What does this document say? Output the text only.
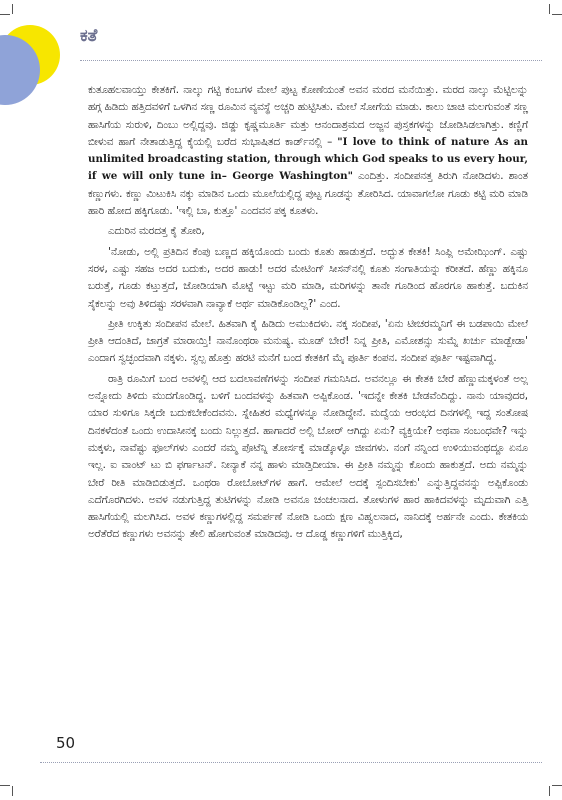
ಕತೆ

ಕುತೂಹಲವಾಯ್ತು ಕೇತಕಿಗೆ. ನಾಲ್ಕು ಗಟ್ಟಿ ಕಂಬಗಳ ಮೇಲೆ ಪುಟ್ಟ ಕೋಣೆಯಂತೆ ಅವನ ಮರದ ಮನೆಯಿತ್ತು. ಮರದ ನಾಲ್ಕು ಮೆಟ್ಟಿಲನ್ನು ಹಗ್ಗ ಹಿಡಿದು ಹತ್ತಿದವಳಿಗೆ ಒಳಗಿನ ಸಣ್ಣ ರೂಮಿನ ವ್ಯವಸ್ಥೆ ಅಚ್ಚರಿ ಹುಟ್ಟಿಸಿತು. ಮೇಲೆ ಸೋಗೆಯ ಮಾಡು. ಕಾಲು ಚಾಚಿ ಮಲಗುವಂತೆ ಸಣ್ಣ ಹಾಸಿಗೆಯ ಸುರುಳಿ, ದಿಂಬು ಅಲ್ಲಿದ್ದವು. ಜಿಡ್ಡು ಕೃಷ್ಣಮೂರ್ತಿ ಮತ್ತು ಆನಂದಾಶ್ರಮದ ಅಜ್ಜನ ಪುಸ್ತಕಗಳನ್ನು ಜೋಡಿಸಿಡಲಾಗಿತ್ತು. ಕಣ್ಣಿಗೆ ಬೀಳುವ ಹಾಗೆ ನೇತಾಡುತ್ತಿದ್ದ ಕೈಯಲ್ಲಿ ಬರೆದ ಸುಭಾಷಿತದ ಕಾರ್ಡ್‌ನಲ್ಲಿ – "I love to think of nature As an unlimited broadcasting station, through which God speaks to us every hour, if we will only tune in– George Washington" ಎಂದಿತ್ತು. ಸಂದೀಪನತ್ತ ತಿರುಗಿ ನೋಡಿದಳು. ಶಾಂತ ಕಣ್ಣುಗಳು. ಕಣ್ಣು ಮಿಟುಕಿಸಿ ನಕ್ಕು ಮಾಡಿನ ಒಂದು ಮೂಲೆಯಲ್ಲಿದ್ದ ಪುಟ್ಟ ಗೂಡನ್ನು ತೋರಿಸಿದ. ಯಾವಾಗಲೋ ಗೂಡು ಕಟ್ಟಿ ಮರಿ ಮಾಡಿ ಹಾರಿ ಹೋದ ಹಕ್ಕಿಗೂಡು. 'ಇಲ್ಲಿ ಬಾ, ಕುತ್ತೂ' ಎಂದವನ ಪಕ್ಕ ಕೂತಳು.

ಎದುರಿನ ಮರದತ್ತ ಕೈ ತೋರಿ,

'ನೋಡು, ಅಲ್ಲಿ ಪ್ರತಿದಿನ ಕೆಂಪು ಬಣ್ಣದ ಹಕ್ಕಿಯೊಂದು ಬಂದು ಕೂತು ಹಾಡುತ್ತದೆ. ಅದ್ಭುತ ಕೇತಕಿ! ಸಿಂಪ್ಲಿ ಅಮೇಝಿಂಗ್. ಎಷ್ಟು ಸರಳ, ಎಷ್ಟು ಸಹಜ ಅದರ ಬದುಕು, ಅದರ ಹಾಡು! ಅದರ ಮೇಟಿಂಗ್ ಸೀಸನ್‌ನಲ್ಲಿ ಕೂತು ಸಂಗಾತಿಯನ್ನು ಕರೀತದೆ. ಹೆಣ್ಣು ಹಕ್ಕಿನೂ ಬರುತ್ತೆ, ಗೂಡು ಕಟ್ತುತ್ತದೆ, ಜೋಡಿಯಾಗಿ ಮೊಟ್ಟೆ ಇಟ್ಟು ಮರಿ ಮಾಡಿ, ಮರಿಗಳನ್ನು ತಾನೇ ಗೂಡಿಂದ ಹೊರಗೂ ಹಾಕುತ್ತೆ. ಬದುಕಿನ ಸೈಕಲನ್ನು ಅವು ತಿಳಿದಷ್ಟು ಸರಳವಾಗಿ ನಾವ್ಯಾಕೆ ಅರ್ಥ ಮಾಡಿಕೊಂಡಿಲ್ಲ?' ಎಂದ.

ಪ್ರೀತಿ ಉಕ್ಕಿತು ಸಂದೀಪನ ಮೇಲೆ. ಹಿತವಾಗಿ ಕೈ ಹಿಡಿದು ಅಮುಕಿದಳು. ನಕ್ಕ ಸಂದೀಪ, 'ಏನು ಟೀಚರಮ್ಮನಿಗೆ ಈ ಬಡಪಾಯಿ ಮೇಲೆ ಪ್ರೀತಿ ಆದಂತಿದೆ, ಜಾಗ್ರತೆ ಮಾರಾಯ್ತಿ! ನಾನೊಂಥರಾ ಮನುಷ್ಯ. ಮೂಡ್ ಬೇರೆ! ನಿನ್ನ ಪ್ರೀತಿ, ಎಮೋಶನ್ಸು ಸುಮ್ನೆ ಖರ್ಚು ಮಾಡ್ಬೇಡಾ' ಎಂದಾಗ ಸ್ವಚ್ಛಂದವಾಗಿ ನಕ್ಕಳು. ಸ್ವಲ್ಪ ಹೊತ್ತು ಹರಟಿ ಮನೆಗೆ ಬಂದ ಕೇತಕಿಗೆ ಮೈ ಪೂರ್ತಿ ಕಂಪನ. ಸಂದೀಪ ಪೂರ್ತಿ ಇಷ್ಟವಾಗಿದ್ದ.

ರಾತ್ರಿ ರೂಮಿಗೆ ಬಂದ ಅವಳಲ್ಲಿ ಆದ ಬದಲಾವಣೆಗಳನ್ನು ಸಂದೀಪ ಗಮನಿಸಿದ. ಅವನಲ್ಲೂ ಈ ಕೇತಕಿ ಬೇರೆ ಹೆಣ್ಣುಮಕ್ಕಳಂತೆ ಅಲ್ಲ ಅನ್ನೋದು ತಿಳಿದು ಮುದಗೊಂಡಿದ್ದ. ಬಳಿಗೆ ಬಂದವಳನ್ನು ಹಿತವಾಗಿ ಅಪ್ಪಿಕೊಂಡ. 'ಇದನ್ನೇ ಕೇತಕಿ ಬೇಡವೆಂದಿದ್ದು. ನಾನು ಯಾವುದರ, ಯಾರ ಸುಳಿಗೂ ಸಿಕ್ಕದೇ ಬದುಕಬೇಕೆಂದವನು. ಸ್ನೇಹಿತರ ಮಧ್ಯೆಗಳನ್ನೂ ನೋಡಿದ್ದೇನೆ. ಮದ್ವೆಯ ಆರಂಭದ ದಿನಗಳಲ್ಲಿ ಇದ್ದ ಸಂತೋಷ ದಿನಕಳೆದಂತೆ ಒಂದು ಉದಾಸೀನಕ್ಕೆ ಬಂದು ನಿಲ್ಲುತ್ತದೆ. ಹಾಗಾದರೆ ಅಲ್ಲಿ ಬೋರ್ ಆಗಿದ್ದು ಏನು? ವ್ಯಕ್ತಿಯೇ? ಅಥವಾ ಸಂಬಂಧವೇ? ಇನ್ನು ಮಕ್ಕಳು, ನಾವೆಷ್ಟು ಫೂಲ್‌ಗಳು ಎಂದರೆ ನಮ್ಮ ಪೊಟೆನ್ನಿ ತೋರ್ಸಕ್ಕೆ ಮಾಡ್ಕೊಳ್ಳೊ ಜೀವಗಳು. ನಂಗೆ ನನ್ನಿಂದ ಉಳಿಯುವಂಥದ್ದೂ ಏನೂ ಇಲ್ಲ. ಐ ವಾಂಟ್ ಟು ಬಿ ಫರ್ಗಾಟನ್. ನೀನ್ಯಾಕೆ ನನ್ನ ಹಾಳು ಮಾಡ್ತಿದೀಯಾ. ಈ ಪ್ರೀತಿ ನಮ್ಮನ್ನು ಕೊಂದು ಹಾಕುತ್ತದೆ. ಅದು ನಮ್ಮನ್ನು ಬೇರೆ ರೀತಿ ಮಾಡಿಬಿಡುತ್ತದೆ. ಒಂಥರಾ ರೋಬೋಟ್‌ಗಳ ಹಾಗೆ. ಆಮೇಲೆ ಅದಕ್ಕೆ ಸ್ಪಂದಿಸಬೇಕು' ಎನ್ನುತ್ತಿದ್ದವನನ್ನು ಅಪ್ಪಿಕೊಂಡು ಎದೆಗೊರಗಿದಳು. ಅವಳ ನಡುಗುತ್ತಿದ್ದ ತುಟಿಗಳನ್ನು ನೋಡಿ ಅವನೂ ಚಂಚಲನಾದ. ತೋಳುಗಳ ಹಾರ ಹಾಕಿದವಳನ್ನು ಮೃದುವಾಗಿ ಎತ್ತಿ ಹಾಸಿಗೆಯಲ್ಲಿ ಮಲಗಿಸಿದ. ಅವಳ ಕಣ್ಣುಗಳಲ್ಲಿದ್ದ ಸಮರ್ಪಣೆ ನೋಡಿ ಒಂದು ಕ್ಷಣ ವಿಹ್ವಲನಾದ, ನಾನಿದಕ್ಕೆ ಅರ್ಹನೇ ಎಂದು. ಕೇತಕಿಯ ಅರೆತೆರೆದ ಕಣ್ಣುಗಳು ಅವನನ್ನು ತೇಲಿ ಹೋಗುವಂತೆ ಮಾಡಿದವು. ಆ ದೊಡ್ಡ ಕಣ್ಣುಗಳಿಗೆ ಮುತ್ತಿಕ್ಕಿದ,

50
